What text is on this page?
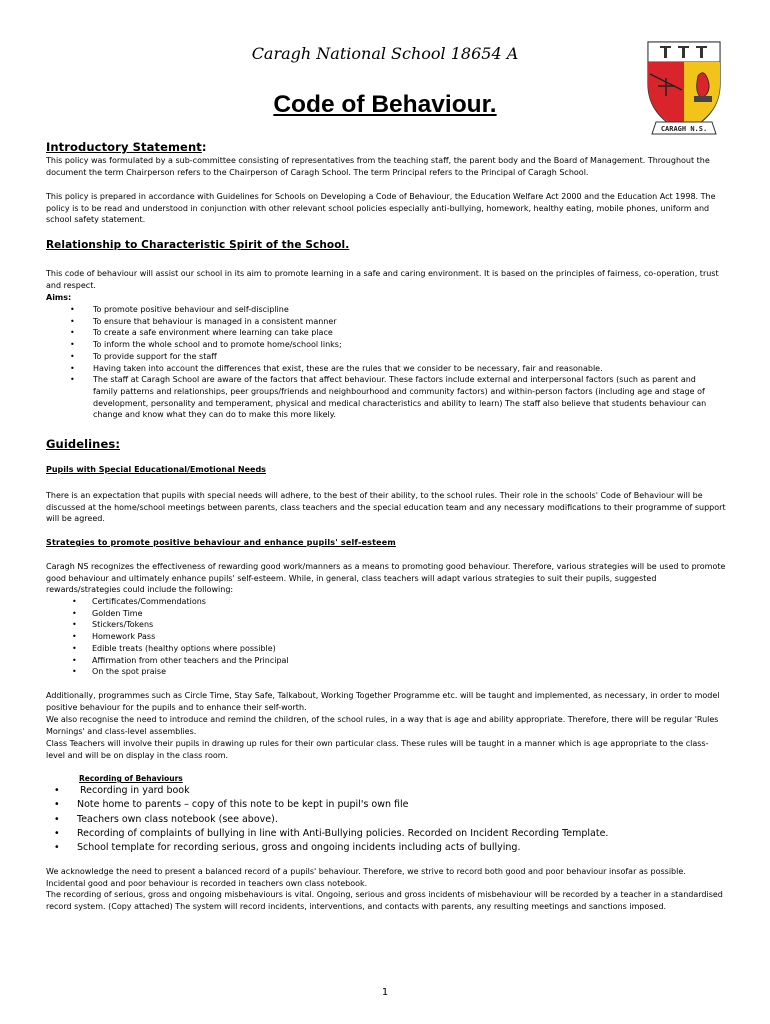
Caragh National School 18654 A
Code of Behaviour.
CARAGH N.S.
Introductory Statement:
This policy was formulated by a sub-committee consisting of representatives from the teaching staff, the parent body and the Board of Management. Throughout the document the term Chairperson refers to the Chairperson of Caragh School. The term Principal refers to the Principal of Caragh School.
This policy is prepared in accordance with Guidelines for Schools on Developing a Code of Behaviour, the Education Welfare Act 2000 and the Education Act 1998. The policy is to be read and understood in conjunction with other relevant school policies especially anti-bullying, homework, healthy eating, mobile phones, uniform and school safety statement.
Relationship to Characteristic Spirit of the School.
This code of behaviour will assist our school in its aim to promote learning in a safe and caring environment. It is based on the principles of fairness, co-operation, trust and respect.
Aims:
• To promote positive behaviour and self-discipline
• To ensure that behaviour is managed in a consistent manner
• To create a safe environment where learning can take place
• To inform the whole school and to promote home/school links;
• To provide support for the staff
• Having taken into account the differences that exist, these are the rules that we consider to be necessary, fair and reasonable.
• The staff at Caragh School are aware of the factors that affect behaviour. These factors include external and interpersonal factors (such as parent and family patterns and relationships, peer groups/friends and neighbourhood and community factors) and within-person factors (including age and stage of development, personality and temperament, physical and medical characteristics and ability to learn) The staff also believe that students behaviour can change and know what they can do to make this more likely.
Guidelines:
Pupils with Special Educational/Emotional Needs
There is an expectation that pupils with special needs will adhere, to the best of their ability, to the school rules. Their role in the schools' Code of Behaviour will be discussed at the home/school meetings between parents, class teachers and the special education team and any necessary modifications to their programme of support will be agreed.
Strategies to promote positive behaviour and enhance pupils' self-esteem
Caragh NS recognizes the effectiveness of rewarding good work/manners as a means to promoting good behaviour. Therefore, various strategies will be used to promote good behaviour and ultimately enhance pupils' self-esteem. While, in general, class teachers will adapt various strategies to suit their pupils, suggested rewards/strategies could include the following:
• Certificates/Commendations
• Golden Time
• Stickers/Tokens
• Homework Pass
• Edible treats (healthy options where possible)
• Affirmation from other teachers and the Principal
• On the spot praise
Additionally, programmes such as Circle Time, Stay Safe, Talkabout, Working Together Programme etc. will be taught and implemented, as necessary, in order to model positive behaviour for the pupils and to enhance their self-worth.
We also recognise the need to introduce and remind the children, of the school rules, in a way that is age and ability appropriate. Therefore, there will be regular 'Rules Mornings' and class-level assemblies.
Class Teachers will involve their pupils in drawing up rules for their own particular class. These rules will be taught in a manner which is age appropriate to the class-level and will be on display in the class room.
Recording of Behaviours
• Recording in yard book
• Note home to parents – copy of this note to be kept in pupil's own file
• Teachers own class notebook (see above).
• Recording of complaints of bullying in line with Anti-Bullying policies. Recorded on Incident Recording Template.
• School template for recording serious, gross and ongoing incidents including acts of bullying.
We acknowledge the need to present a balanced record of a pupils' behaviour. Therefore, we strive to record both good and poor behaviour insofar as possible. Incidental good and poor behaviour is recorded in teachers own class notebook.
The recording of serious, gross and ongoing misbehaviours is vital. Ongoing, serious and gross incidents of misbehaviour will be recorded by a teacher in a standardised record system. (Copy attached) The system will record incidents, interventions, and contacts with parents, any resulting meetings and sanctions imposed.
1
